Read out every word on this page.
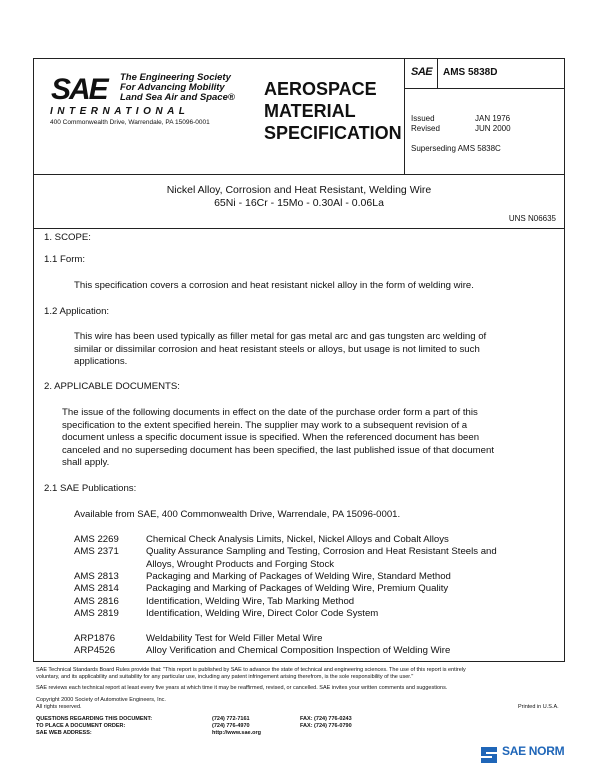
SAE The Engineering Society
For Advancing Mobility
Land Sea Air and Space®
INTERNATIONAL
400 Commonwealth Drive, Warrendale, PA 15096-0001
AEROSPACE
MATERIAL
SPECIFICATION
SAE AMS 5838D
Issued	JAN 1976
Revised	JUN 2000
Superseding AMS 5838C
Nickel Alloy, Corrosion and Heat Resistant, Welding Wire
65Ni - 16Cr - 15Mo - 0.30Al - 0.06La
UNS N06635
1. SCOPE:
1.1 Form:
This specification covers a corrosion and heat resistant nickel alloy in the form of welding wire.
1.2 Application:
This wire has been used typically as filler metal for gas metal arc and gas tungsten arc welding of
similar or dissimilar corrosion and heat resistant steels or alloys, but usage is not limited to such
applications.
2. APPLICABLE DOCUMENTS:
The issue of the following documents in effect on the date of the purchase order form a part of this
specification to the extent specified herein. The supplier may work to a subsequent revision of a
document unless a specific document issue is specified. When the referenced document has been
canceled and no superseding document has been specified, the last published issue of that document
shall apply.
2.1 SAE Publications:
Available from SAE, 400 Commonwealth Drive, Warrendale, PA 15096-0001.
AMS 2269	Chemical Check Analysis Limits, Nickel, Nickel Alloys and Cobalt Alloys
AMS 2371	Quality Assurance Sampling and Testing, Corrosion and Heat Resistant Steels and
Alloys, Wrought Products and Forging Stock
AMS 2813	Packaging and Marking of Packages of Welding Wire, Standard Method
AMS 2814	Packaging and Marking of Packages of Welding Wire, Premium Quality
AMS 2816	Identification, Welding Wire, Tab Marking Method
AMS 2819	Identification, Welding Wire, Direct Color Code System
ARP1876	Weldability Test for Weld Filler Metal Wire
ARP4526	Alloy Verification and Chemical Composition Inspection of Welding Wire
SAE Technical Standards Board Rules provide that: "This report is published by SAE to advance the state of technical and engineering sciences. The use of this report is entirely
voluntary, and its applicability and suitability for any particular use, including any patent infringement arising therefrom, is the sole responsibility of the user."
SAE reviews each technical report at least every five years at which time it may be reaffirmed, revised, or cancelled. SAE invites your written comments and suggestions.
Copyright 2000 Society of Automotive Engineers, Inc.
All rights reserved.	Printed in U.S.A.
QUESTIONS REGARDING THIS DOCUMENT:	(724) 772-7161	FAX: (724) 776-0243
TO PLACE A DOCUMENT ORDER:	(724) 776-4970	FAX: (724) 776-0790
SAE WEB ADDRESS:	http://www.sae.org
SAE NORM
